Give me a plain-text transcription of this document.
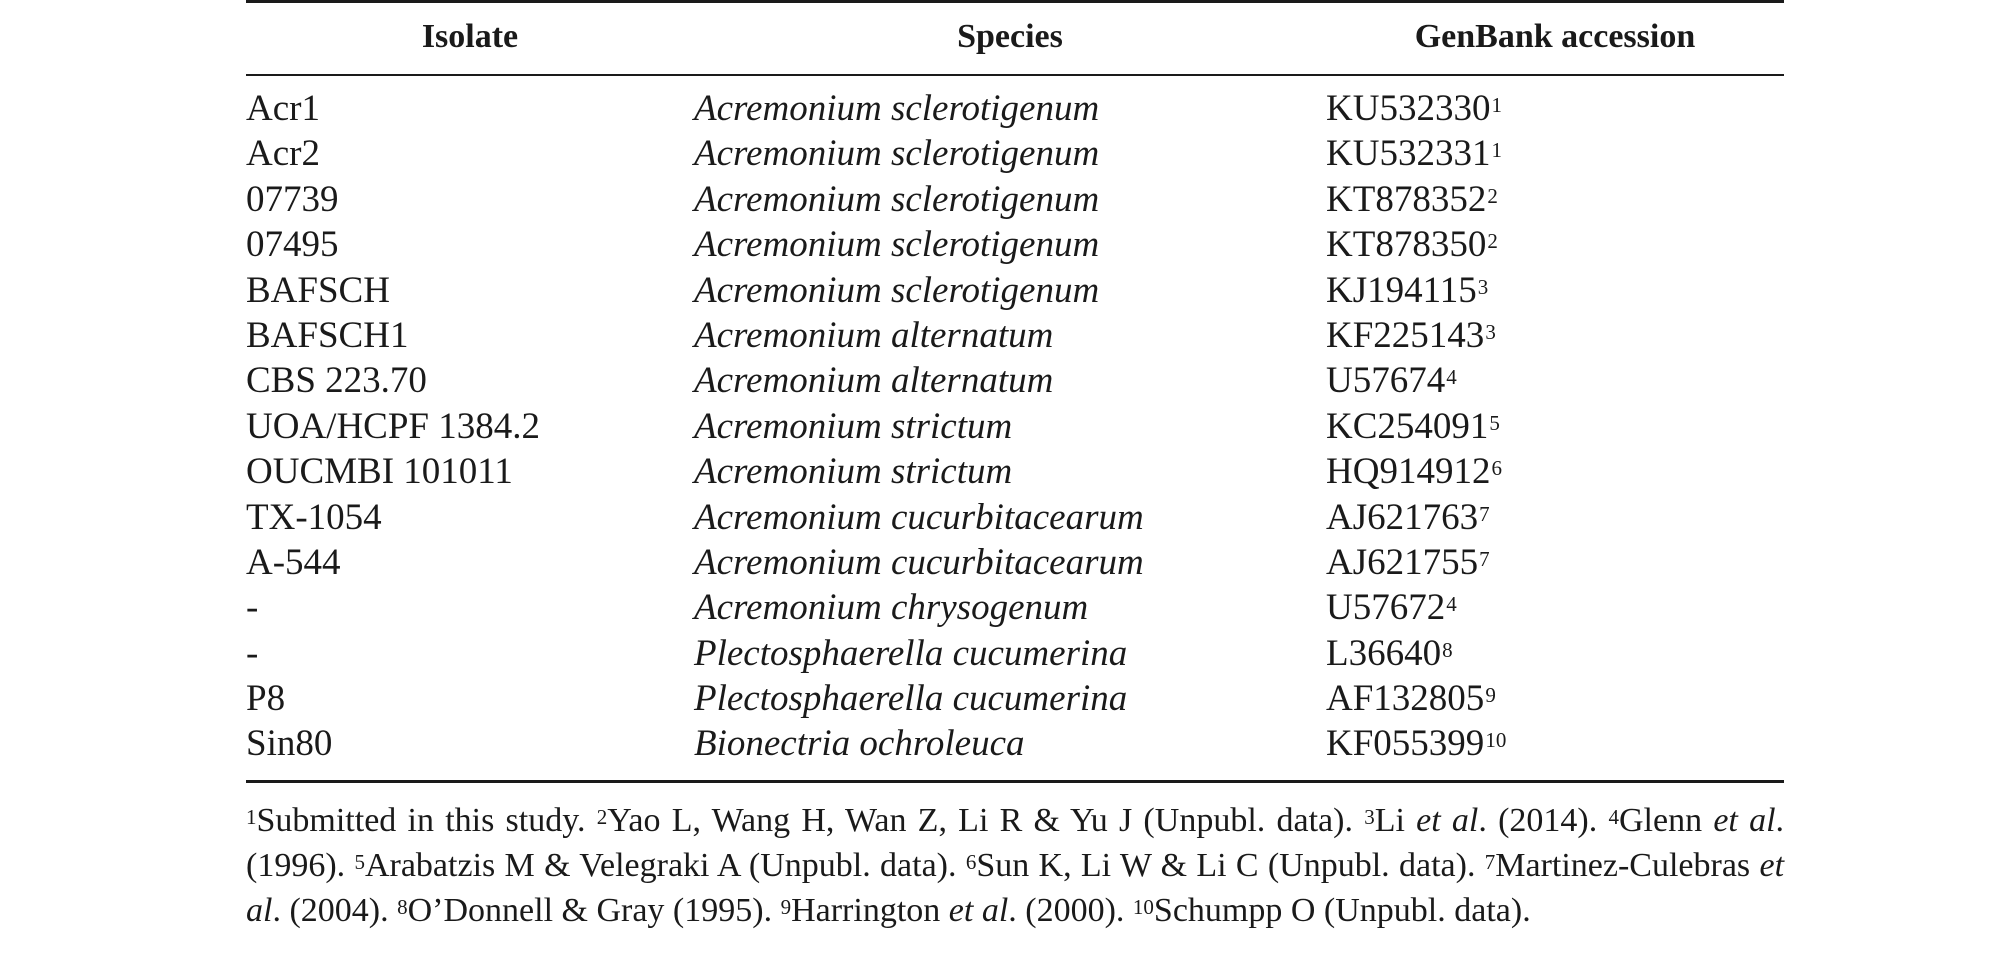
Isolate	Species	GenBank accession
Acr1	Acremonium sclerotigenum	KU532330$^1$
Acr2	Acremonium sclerotigenum	KU532331$^1$
07739	Acremonium sclerotigenum	KT878352$^2$
07495	Acremonium sclerotigenum	KT878350$^2$
BAFSCH	Acremonium sclerotigenum	KJ194115$^3$
BAFSCH1	Acremonium alternatum	KF225143$^3$
CBS 223.70	Acremonium alternatum	U57674$^4$
UOA/HCPF 1384.2	Acremonium strictum	KC254091$^5$
OUCMBI 101011	Acremonium strictum	HQ914912$^6$
TX-1054	Acremonium cucurbitacearum	AJ621763$^7$
A-544	Acremonium cucurbitacearum	AJ621755$^7$
-	Acremonium chrysogenum	U57672$^4$
-	Plectosphaerella cucumerina	L36640$^8$
P8	Plectosphaerella cucumerina	AF132805$^9$
Sin80	Bionectria ochroleuca	KF055399$^{10}$
$^1$Submitted in this study. $^2$Yao L, Wang H, Wan Z, Li R & Yu J (Unpubl. data). $^3$Li et al. (2014). $^4$Glenn et al. (1996). $^5$Arabatzis M & Velegraki A (Unpubl. data). $^6$Sun K, Li W & Li C (Unpubl. data). $^7$Martinez-Culebras et al. (2004). $^8$O’Donnell & Gray (1995). $^9$Harrington et al. (2000). $^{10}$Schumpp O (Unpubl. data).
